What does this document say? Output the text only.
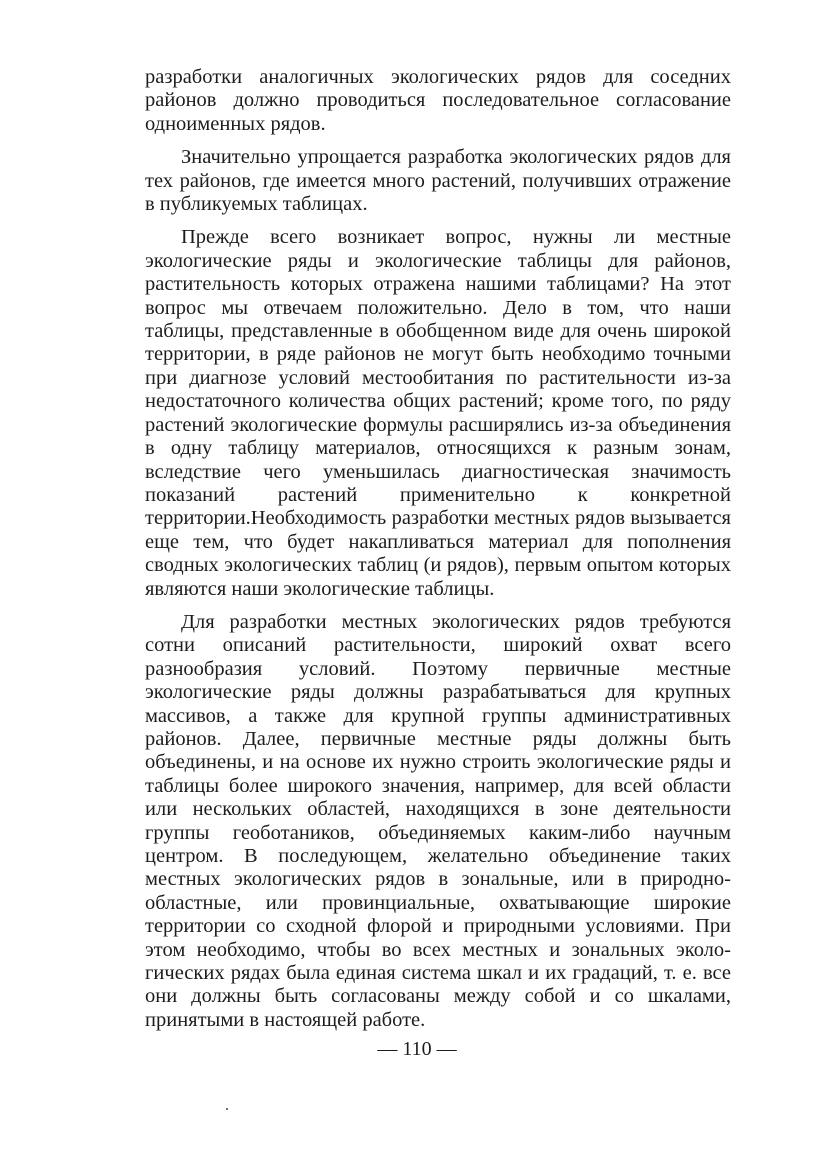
разработки аналогичных экологических рядов для соседних районов должно проводиться последовательное согласование одноименных рядов.

Значительно упрощается разработка экологических рядов для тех районов, где имеется много растений, получивших отражение в публикуемых таблицах.

Прежде всего возникает вопрос, нужны ли местные экологические ряды и экологические таблицы для районов, растительность которых отражена нашими таблицами? На этот вопрос мы отвечаем положительно. Дело в том, что наши таблицы, представленные в обобщенном виде для очень широкой территории, в ряде районов не могут быть необходимо точными при диагнозе условий местообитания по растительности из-за недостаточного количества общих растений; кроме того, по ряду растений экологические формулы расширялись из-за объединения в одну таблицу материалов, относящихся к разным зонам, вследствие чего уменьшилась диагностическая значимость показаний растений применительно к конкретной территории.Необходимость разработки местных рядов вызывается еще тем, что будет накапливаться материал для пополнения сводных экологических таблиц (и рядов), первым опытом которых являются наши экологические таблицы.

Для разработки местных экологических рядов требуются сотни описаний растительности, широкий охват всего разнообразия условий. Поэтому первичные местные экологические ряды должны разрабатываться для крупных массивов, а также для крупной группы административных районов. Далее, первичные местные ряды должны быть объединены, и на основе их нужно строить экологические ряды и таблицы более широкого значения, например, для всей области или нескольких областей, находящихся в зоне деятельности группы геоботаников, объединяемых каким-либо научным центром. В последующем, желательно объединение таких местных экологических рядов в зональные, или в природно-областные, или провинциальные, охватывающие широкие территории со сходной флорой и природными условиями. При этом необходимо, чтобы во всех местных и зональных экологических рядах была единая система шкал и их градаций, т. е. все они должны быть согласованы между собой и со шкалами, принятыми в настоящей работе.

— 110 —
